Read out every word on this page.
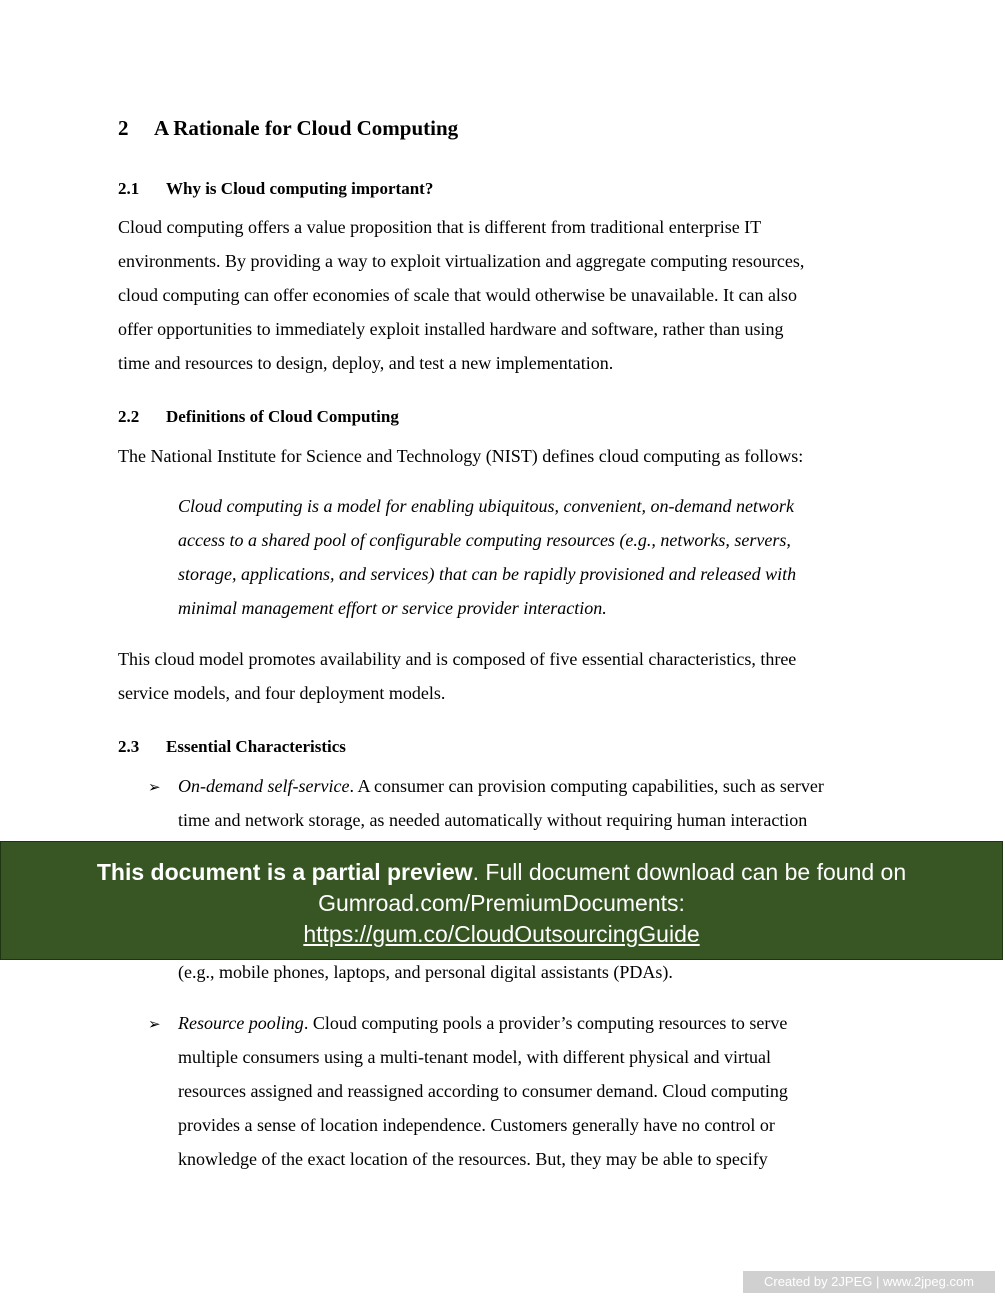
2 A Rationale for Cloud Computing
2.1 Why is Cloud computing important?
Cloud computing offers a value proposition that is different from traditional enterprise IT
environments. By providing a way to exploit virtualization and aggregate computing resources,
cloud computing can offer economies of scale that would otherwise be unavailable. It can also
offer opportunities to immediately exploit installed hardware and software, rather than using
time and resources to design, deploy, and test a new implementation.
2.2 Definitions of Cloud Computing
The National Institute for Science and Technology (NIST) defines cloud computing as follows:
Cloud computing is a model for enabling ubiquitous, convenient, on-demand network
access to a shared pool of configurable computing resources (e.g., networks, servers,
storage, applications, and services) that can be rapidly provisioned and released with
minimal management effort or service provider interaction.
This cloud model promotes availability and is composed of five essential characteristics, three
service models, and four deployment models.
2.3 Essential Characteristics
➢ On-demand self-service. A consumer can provision computing capabilities, such as server
time and network storage, as needed automatically without requiring human interaction
(e.g., mobile phones, laptops, and personal digital assistants (PDAs).
➢ Resource pooling. Cloud computing pools a provider’s computing resources to serve
multiple consumers using a multi-tenant model, with different physical and virtual
resources assigned and reassigned according to consumer demand. Cloud computing
provides a sense of location independence. Customers generally have no control or
knowledge of the exact location of the resources. But, they may be able to specify
This document is a partial preview. Full document download can be found on
Gumroad.com/PremiumDocuments:
https://gum.co/CloudOutsourcingGuide
Created by 2JPEG | www.2jpeg.com
